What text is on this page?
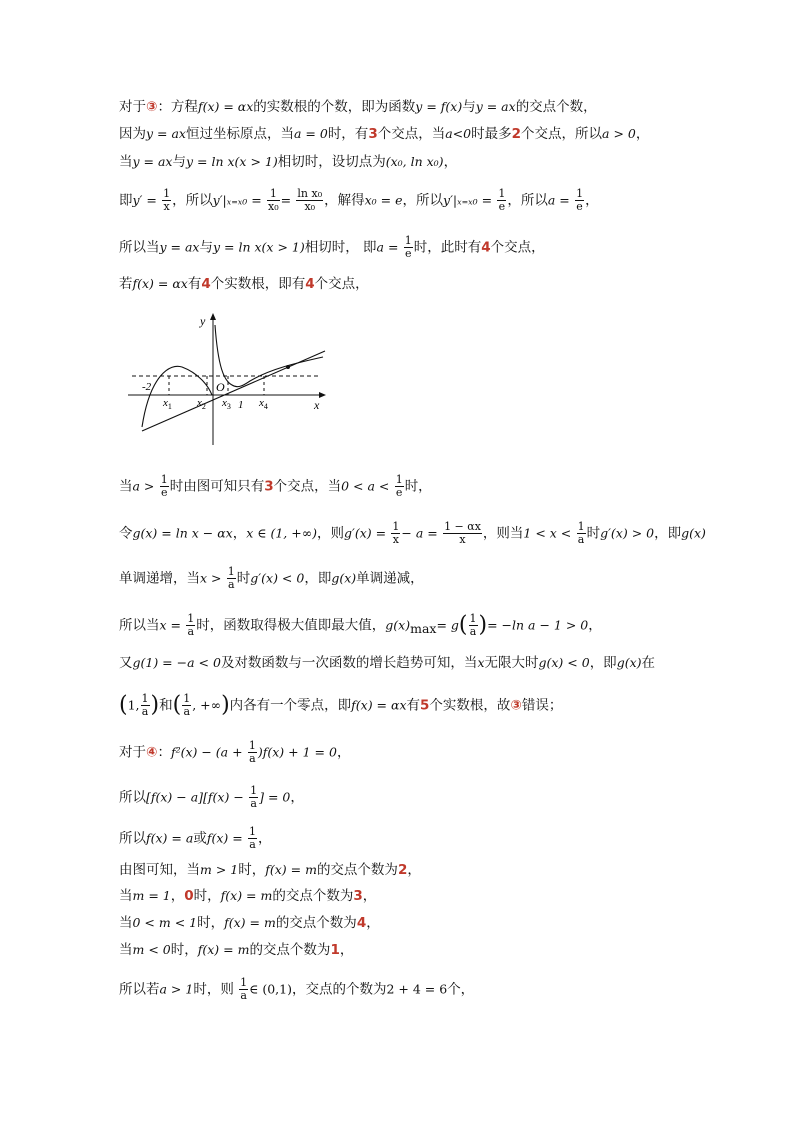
对于③：方程f(x) = αx的实数根的个数，即为函数y = f(x)与y = ax的交点个数，
因为y = ax恒过坐标原点，当a = 0时，有3个交点，当a<0时最多2个交点，所以a > 0，
当y = ax与y = ln x(x > 1)相切时，设切点为(x₀, ln x₀)，
即$y' = \frac{1}{x}$ ，所以$y'|_{x=x0} = \frac{1}{\text{x₀}} = \frac{\text{ln x₀}}{\text{x₀}}$ ，解得x₀ = e，所以$y'|_{x=x0} = \frac{1}{e}$ ，所以$a = \frac{1}{e}$ ，
所以当y = ax与y = ln x(x > 1)相切时， 即$a = \frac{1}{e}$ 时，此时有4个交点，
若f(x) = αx有4个实数根，即有4个交点，
y
x
O
-2
$x_1$ $x_2$ $x_3$ 1 $x_4$
当$a > \frac{1}{e}$ 时由图可知只有3个交点，当$0 < a < \frac{1}{e}$ 时，
令g(x) = ln x − αx，x ∈ (1, +∞)，则$g'(x) = \frac{1}{x} - a = \frac{1 - \alpha x}{x}$ ，则当$1 < x < \frac{1}{a}$ 时g′(x) > 0，即g(x)
单调递增，当$x > \frac{1}{a}$ 时g′(x) < 0，即g(x)单调递减，
所以当$x = \frac{1}{a}$ 时，函数取得极大值即最大值，$g(x)_{max}= g( \frac{1}{a}$ )= −ln a − 1 > 0，
又g(1) = −a < 0及对数函数与一次函数的增长趋势可知，当x无限大时g(x) < 0，即g(x)在
(1, $\frac{1}{a}$ )和( $\frac{1}{a}$ , +∞)内各有一个零点，即f(x) = αx有5个实数根，故③错误；
对于④：$f^2(x) - (a + \frac{1}{a} )f(x) + 1 = 0$，
所以$[f(x) - a][f(x) - \frac{1}{a}$ ] = 0，
所以f(x) = a或$f(x) = \frac{1}{a}$ ，
由图可知，当m > 1时，f(x) = m的交点个数为2，
当m = 1，0时，f(x) = m的交点个数为3，
当0 < m < 1时，f(x) = m的交点个数为4，
当m < 0时，f(x) = m的交点个数为1，
所以若a > 1时，则 $\frac{1}{a}$ ∈ (0,1)，交点的个数为2 + 4 = 6个，
